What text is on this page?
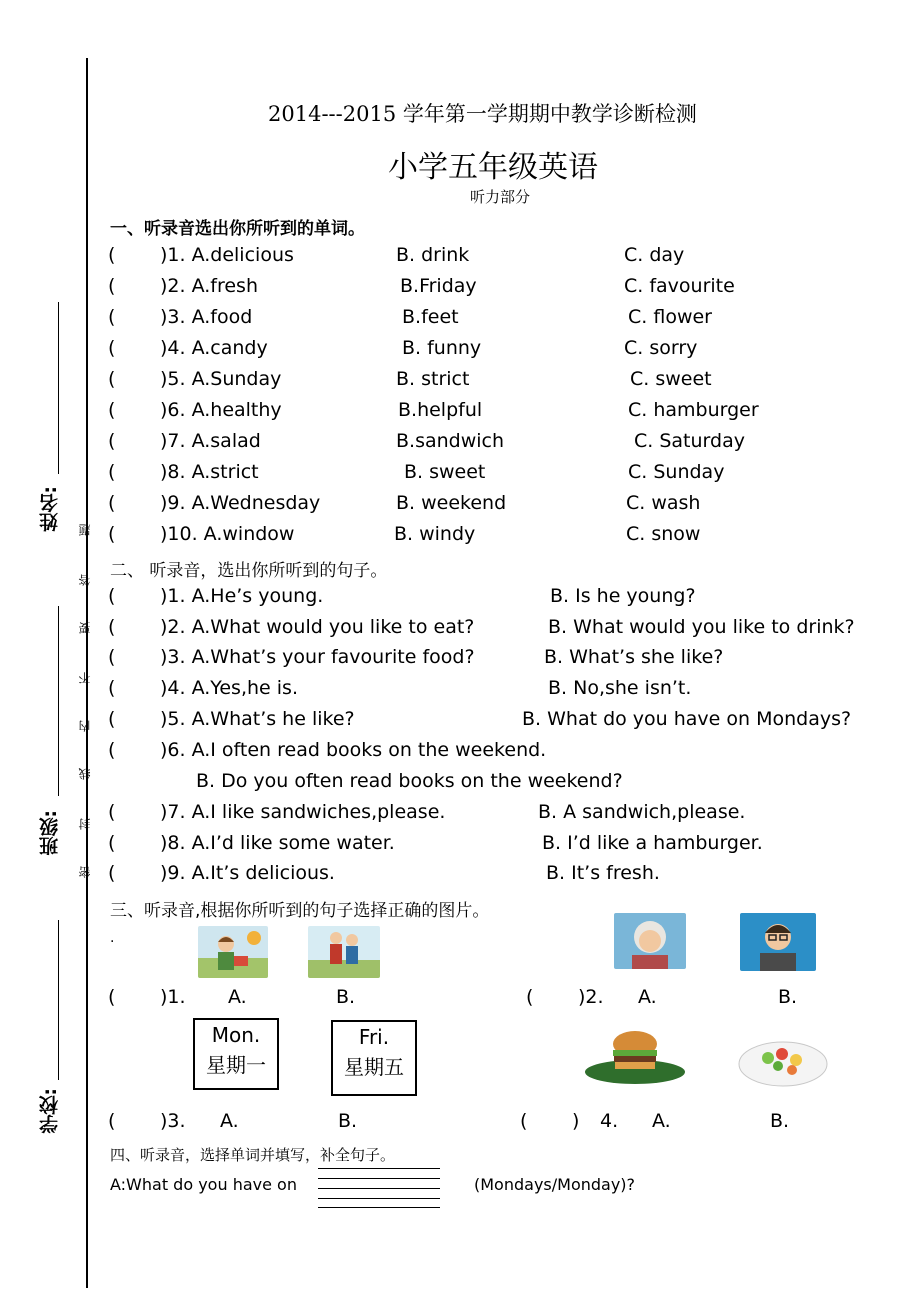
姓名:
班级:
学校:
题
答
要
不
内
线
封
密
2014---2015 学年第一学期期中教学诊断检测
小学五年级英语
听力部分
一、听录音选出你所听到的单词。
( )1. A.delicious	B. drink	C. day
( )2. A.fresh	B.Friday	C. favourite
( )3. A.food	B.feet	C. flower
( )4. A.candy	B. funny	C. sorry
( )5. A.Sunday	B. strict	C. sweet
( )6. A.healthy	B.helpful	C. hamburger
( )7. A.salad	B.sandwich	C. Saturday
( )8. A.strict	B. sweet	C. Sunday
( )9. A.Wednesday	B. weekend	C. wash
( )10. A.window	B. windy	C. snow
二、 听录音，选出你所听到的句子。
( )1. A.He’s young.	B. Is he young?
( )2. A.What would you like to eat?	B. What would you like to drink?
( )3. A.What’s your favourite food?	B. What’s she like?
( )4. A.Yes,he is.	B. No,she isn’t.
( )5. A.What’s he like?	B. What do you have on Mondays?
( )6. A.I often read books on the weekend.
B. Do you often read books on the weekend?
( )7. A.I like sandwiches,please.	B. A sandwich,please.
( )8. A.I’d like some water.	B. I’d like a hamburger.
( )9. A.It’s delicious.	B. It’s fresh.
三、听录音,根据你所听到的句子选择正确的图片。
.
( )1. A.	B.	( )2. A.	B.
Mon.
星期一
Fri.
星期五
( )3. A.	B.	( ) 4. A.	B.
四、听录音，选择单词并填写，补全句子。
A:What do you have on	(Mondays/Monday)?
